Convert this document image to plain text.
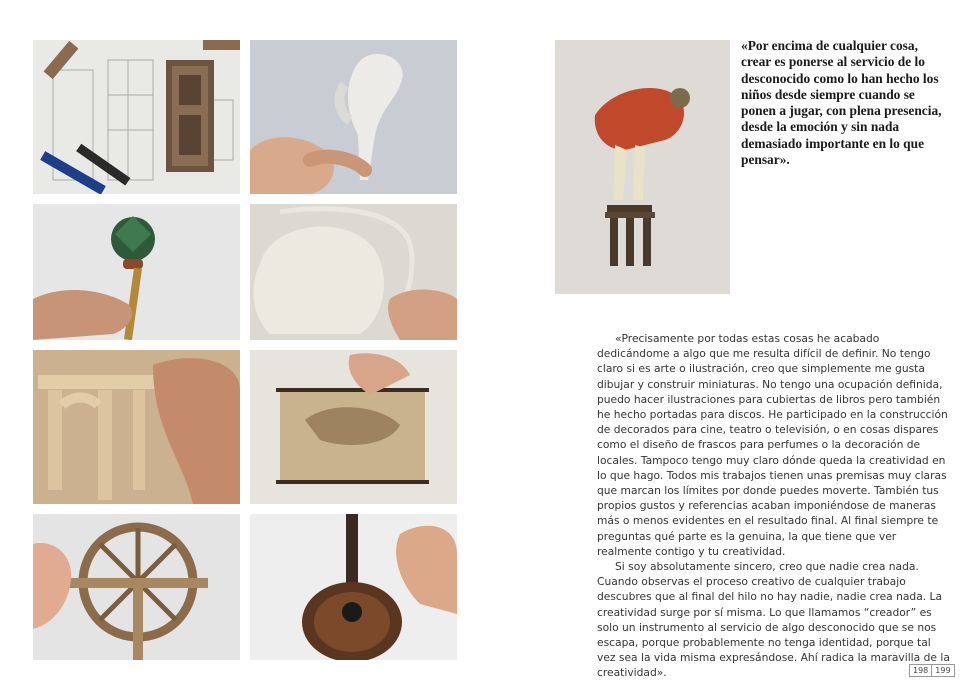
«Por encima de cualquier cosa, crear es ponerse al servicio de lo desconocido como lo han hecho los niños desde siempre cuando se ponen a jugar, con plena presencia, desde la emoción y sin nada demasiado importante en lo que pensar».

«Precisamente por todas estas cosas he acabado dedicándome a algo que me resulta difícil de definir. No tengo claro si es arte o ilustración, creo que simplemente me gusta dibujar y construir miniaturas. No tengo una ocupación definida, puedo hacer ilustraciones para cubiertas de libros pero también he hecho portadas para discos. He participado en la construcción de decorados para cine, teatro o televisión, o en cosas dispares como el diseño de frascos para perfumes o la decoración de locales. Tampoco tengo muy claro dónde queda la creatividad en lo que hago. Todos mis trabajos tienen unas premisas muy claras que marcan los límites por donde puedes moverte. También tus propios gustos y referencias acaban imponiéndose de maneras más o menos evidentes en el resultado final. Al final siempre te preguntas qué parte es la genuina, la que tiene que ver realmente contigo y tu creatividad.

Si soy absolutamente sincero, creo que nadie crea nada. Cuando observas el proceso creativo de cualquier trabajo descubres que al final del hilo no hay nadie, nadie crea nada. La creatividad surge por sí misma. Lo que llamamos “creador” es solo un instrumento al servicio de algo desconocido que se nos escapa, porque probablemente no tenga identidad, porque tal vez sea la vida misma expresándose. Ahí radica la maravilla de la creatividad».	198 199
